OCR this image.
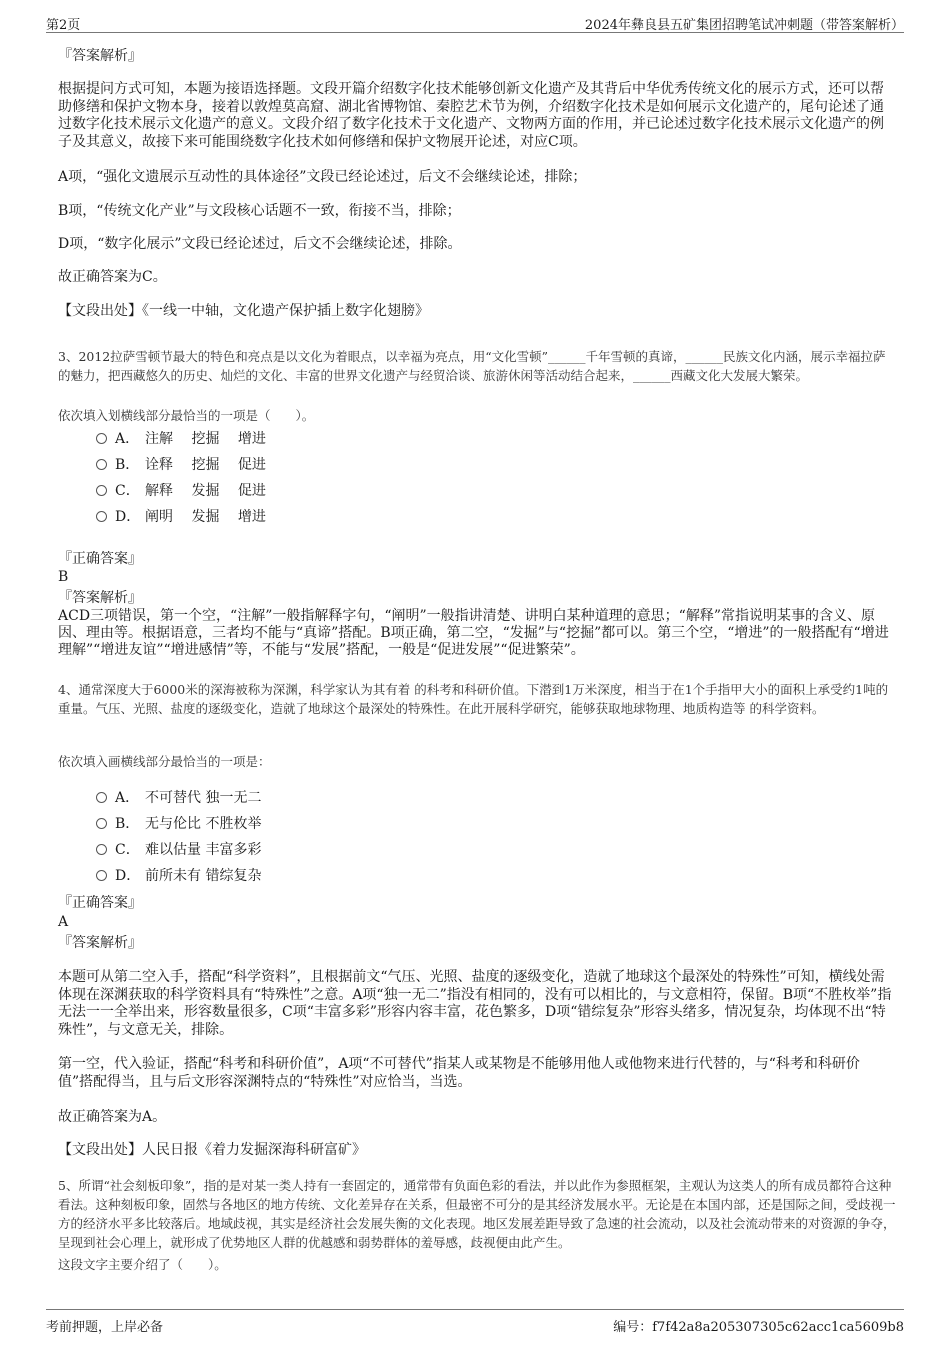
第2页	2024年彝良县五矿集团招聘笔试冲刺题（带答案解析）
『答案解析』
根据提问方式可知，本题为接语选择题。文段开篇介绍数字化技术能够创新文化遗产及其背后中华优秀传统文化的展示方式，还可以帮助修缮和保护文物本身，接着以敦煌莫高窟、湖北省博物馆、秦腔艺术节为例，介绍数字化技术是如何展示文化遗产的，尾句论述了通过数字化技术展示文化遗产的意义。文段介绍了数字化技术于文化遗产、文物两方面的作用，并已论述过数字化技术展示文化遗产的例子及其意义，故接下来可能围绕数字化技术如何修缮和保护文物展开论述，对应C项。
A项，“强化文遗展示互动性的具体途径”文段已经论述过，后文不会继续论述，排除；
B项，“传统文化产业”与文段核心话题不一致，衔接不当，排除；
D项，“数字化展示”文段已经论述过，后文不会继续论述，排除。
故正确答案为C。
【文段出处】《一线一中轴，文化遗产保护插上数字化翅膀》
3、2012拉萨雪顿节最大的特色和亮点是以文化为着眼点，以幸福为亮点，用“文化雪顿”______千年雪顿的真谛，______民族文化内涵，展示幸福拉萨的魅力，把西藏悠久的历史、灿烂的文化、丰富的世界文化遗产与经贸洽谈、旅游休闲等活动结合起来，______西藏文化大发展大繁荣。
依次填入划横线部分最恰当的一项是（　　）。
A． 注解 挖掘 增进
B． 诠释 挖掘 促进
C． 解释 发掘 促进
D． 阐明 发掘 增进
『正确答案』
B
『答案解析』
ACD三项错误，第一个空，“注解”一般指解释字句，“阐明”一般指讲清楚、讲明白某种道理的意思；“解释”常指说明某事的含义、原因、理由等。根据语意，三者均不能与“真谛”搭配。B项正确，第二空，“发掘”与“挖掘”都可以。第三个空，“增进”的一般搭配有“增进理解”“增进友谊”“增进感情”等，不能与“发展”搭配，一般是“促进发展”“促进繁荣”。
4、通常深度大于6000米的深海被称为深渊，科学家认为其有着 的科考和科研价值。下潜到1万米深度，相当于在1个手指甲大小的面积上承受约1吨的重量。气压、光照、盐度的逐级变化，造就了地球这个最深处的特殊性。在此开展科学研究，能够获取地球物理、地质构造等 的科学资料。
依次填入画横线部分最恰当的一项是：
A． 不可替代 独一无二
B． 无与伦比 不胜枚举
C． 难以估量 丰富多彩
D． 前所未有 错综复杂
『正确答案』
A
『答案解析』
本题可从第二空入手，搭配“科学资料”，且根据前文“气压、光照、盐度的逐级变化，造就了地球这个最深处的特殊性”可知，横线处需体现在深渊获取的科学资料具有“特殊性”之意。A项“独一无二”指没有相同的，没有可以相比的，与文意相符，保留。B项“不胜枚举”指无法一一全举出来，形容数量很多，C项“丰富多彩”形容内容丰富，花色繁多，D项“错综复杂”形容头绪多，情况复杂，均体现不出“特殊性”，与文意无关，排除。
第一空，代入验证，搭配“科考和科研价值”，A项“不可替代”指某人或某物是不能够用他人或他物来进行代替的，与“科考和科研价值”搭配得当，且与后文形容深渊特点的“特殊性”对应恰当，当选。
故正确答案为A。
【文段出处】人民日报《着力发掘深海科研富矿》
5、所谓“社会刻板印象”，指的是对某一类人持有一套固定的，通常带有负面色彩的看法，并以此作为参照框架，主观认为这类人的所有成员都符合这种看法。这种刻板印象，固然与各地区的地方传统、文化差异存在关系，但最密不可分的是其经济发展水平。无论是在本国内部，还是国际之间，受歧视一方的经济水平多比较落后。地域歧视，其实是经济社会发展失衡的文化表现。地区发展差距导致了急速的社会流动，以及社会流动带来的对资源的争夺，呈现到社会心理上，就形成了优势地区人群的优越感和弱势群体的羞辱感，歧视便由此产生。
这段文字主要介绍了（　　）。
考前押题，上岸必备	编号：f7f42a8a205307305c62acc1ca5609b8
